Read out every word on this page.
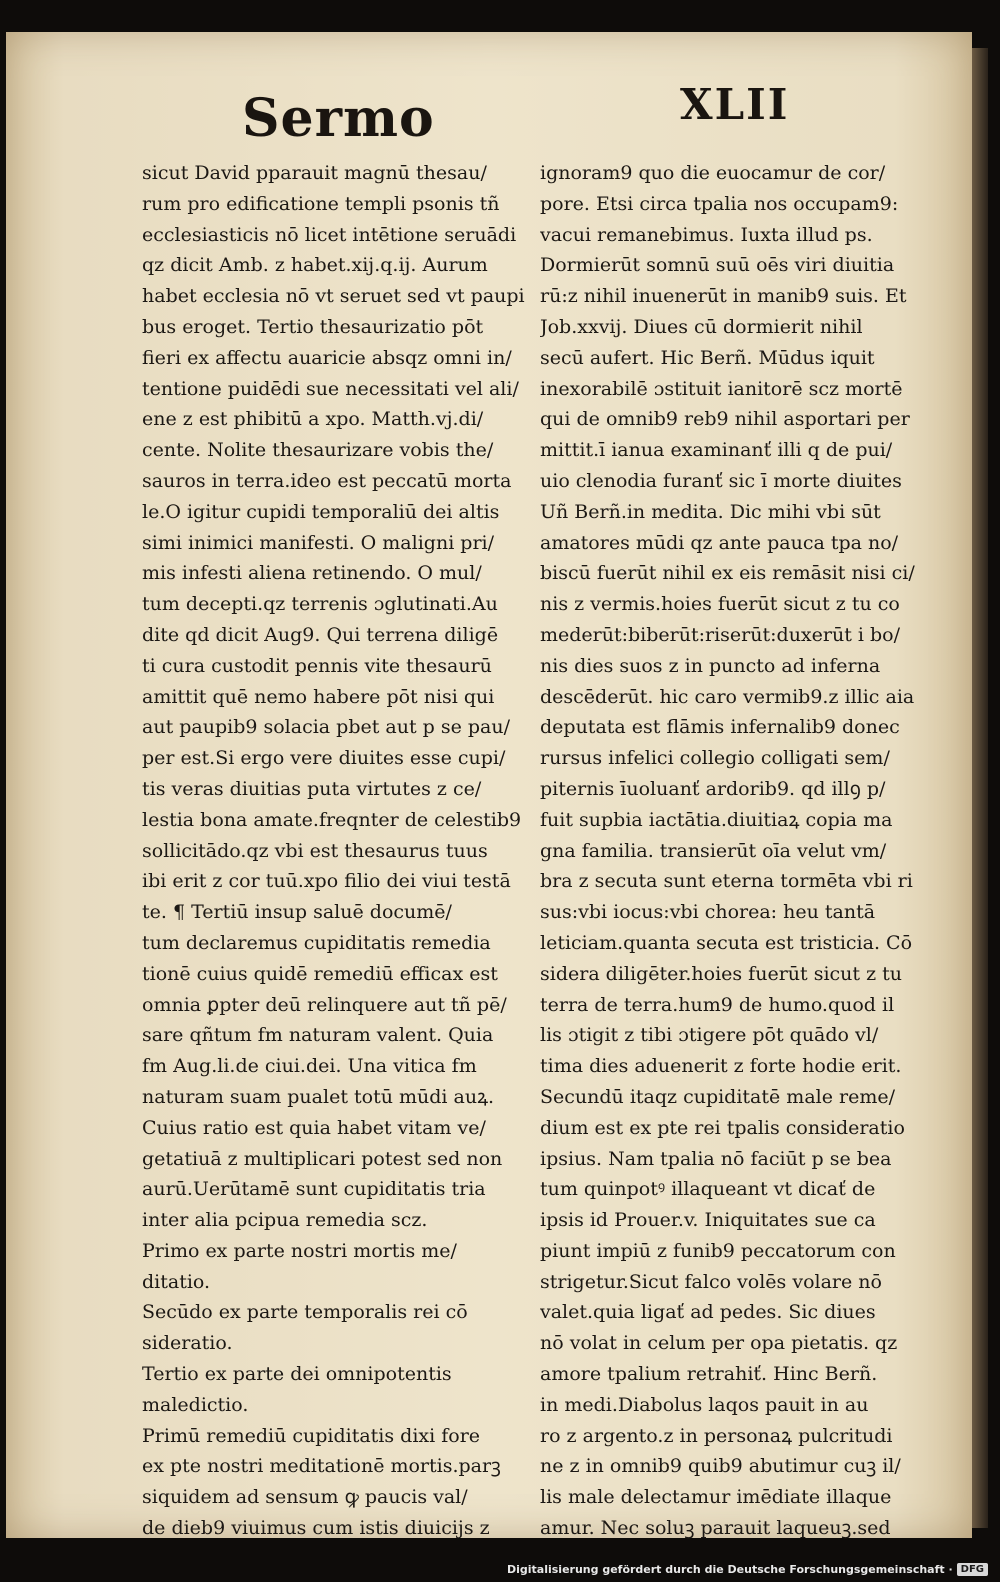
Sermo	XLII
sicut David pparauit magnū thesau/
rum pro edificatione templi psonis tñ
ecclesiasticis nō licet intētione seruādi
qz dicit Amb. z habet.xij.q.ij. Aurum
habet ecclesia nō vt seruet sed vt paupi
bus eroget. Tertio thesaurizatio pōt
fieri ex affectu auaricie absqz omni in/
tentione puidēdi sue necessitati vel ali/
ene z est phibitū a xpo. Matth.vj.di/
cente. Nolite thesaurizare vobis the/
sauros in terra.ideo est peccatū morta
le.O igitur cupidi temporaliū dei altis
simi inimici manifesti. O maligni pri/
mis infesti aliena retinendo. O mul/
tum decepti.qz terrenis ɔglutinati.Au
dite qd dicit Aug9. Qui terrena diligē
ti cura custodit pennis vite thesaurū
amittit quē nemo habere pōt nisi qui
aut paupib9 solacia pbet aut p se pau/
per est.Si ergo vere diuites esse cupi/
tis veras diuitias puta virtutes z ce/
lestia bona amate.freqnter de celestib9
sollicitādo.qz vbi est thesaurus tuus
ibi erit z cor tuū.xpo filio dei viui testā
te. ¶ Tertiū insup saluē documē/
tum declaremus cupiditatis remedia
tionē cuius quidē remediū efficax est
omnia ꝑpter deū relinquere aut tñ pē/
sare qñtum fm naturam valent. Quia
fm Aug.li.de ciui.dei. Una vitica fm
naturam suam pualet totū mūdi auꝝ.
Cuius ratio est quia habet vitam ve/
getatiuā z multiplicari potest sed non
aurū.Uerūtamē sunt cupiditatis tria
inter alia pcipua remedia scz.
Primo ex parte nostri mortis me/
ditatio.
Secūdo ex parte temporalis rei cō
sideratio.
Tertio ex parte dei omnipotentis
maledictio.
Primū remediū cupiditatis dixi fore
ex pte nostri meditationē mortis.parꝫ
siquidem ad sensum ꝙ paucis val/
de dieb9 viuimus cum istis diuicijs z
ignoram9 quo die euocamur de cor/
pore. Etsi circa tpalia nos occupam9:
vacui remanebimus. Iuxta illud ps.
Dormierūt somnū suū oēs viri diuitia
rū:z nihil inuenerūt in manib9 suis. Et
Job.xxvij. Diues cū dormierit nihil
secū aufert. Hic Berñ. Mūdus iquit
inexorabilē ɔstituit ianitorē scz mortē
qui de omnib9 reb9 nihil asportari per
mittit.ī ianua examinanť illi q de pui/
uio clenodia furanť sic ī morte diuites
Uñ Berñ.in medita. Dic mihi vbi sūt
amatores mūdi qz ante pauca tpa no/
biscū fuerūt nihil ex eis remāsit nisi ci/
nis z vermis.hoies fuerūt sicut z tu co
mederūt:biberūt:riserūt:duxerūt i bo/
nis dies suos z in puncto ad inferna
descēderūt. hic caro vermib9.z illic aia
deputata est flāmis infernalib9 donec
rursus infelici collegio colligati sem/
piternis īuoluanť ardorib9. qd illꝯ p/
fuit supbia iactātia.diuitiaꝝ copia ma
gna familia. transierūt oīa velut vm/
bra z secuta sunt eterna tormēta vbi ri
sus:vbi iocus:vbi chorea: heu tantā
leticiam.quanta secuta est tristicia. Cō
sidera diligēter.hoies fuerūt sicut z tu
terra de terra.hum9 de humo.quod il
lis ɔtigit z tibi ɔtigere pōt quādo vl/
tima dies aduenerit z forte hodie erit.
Secundū itaqz cupiditatē male reme/
dium est ex pte rei tpalis consideratio
ipsius. Nam tpalia nō faciūt p se bea
tum quinpotꝰ illaqueant vt dicať de
ipsis id Prouer.v. Iniquitates sue ca
piunt impiū z funib9 peccatorum con
strigetur.Sicut falco volēs volare nō
valet.quia ligať ad pedes. Sic diues
nō volat in celum per opa pietatis. qz
amore tpalium retrahiť. Hinc Berñ.
in medi.Diabolus laqos pauit in au
ro z argento.z in personaꝝ pulcritudi
ne z in omnib9 quib9 abutimur cuꝫ il/
lis male delectamur imēdiate illaque
amur. Nec soluꝫ parauit laqueuꝫ.sed
Digitalisierung gefördert durch die Deutsche Forschungsgemeinschaft · DFG
